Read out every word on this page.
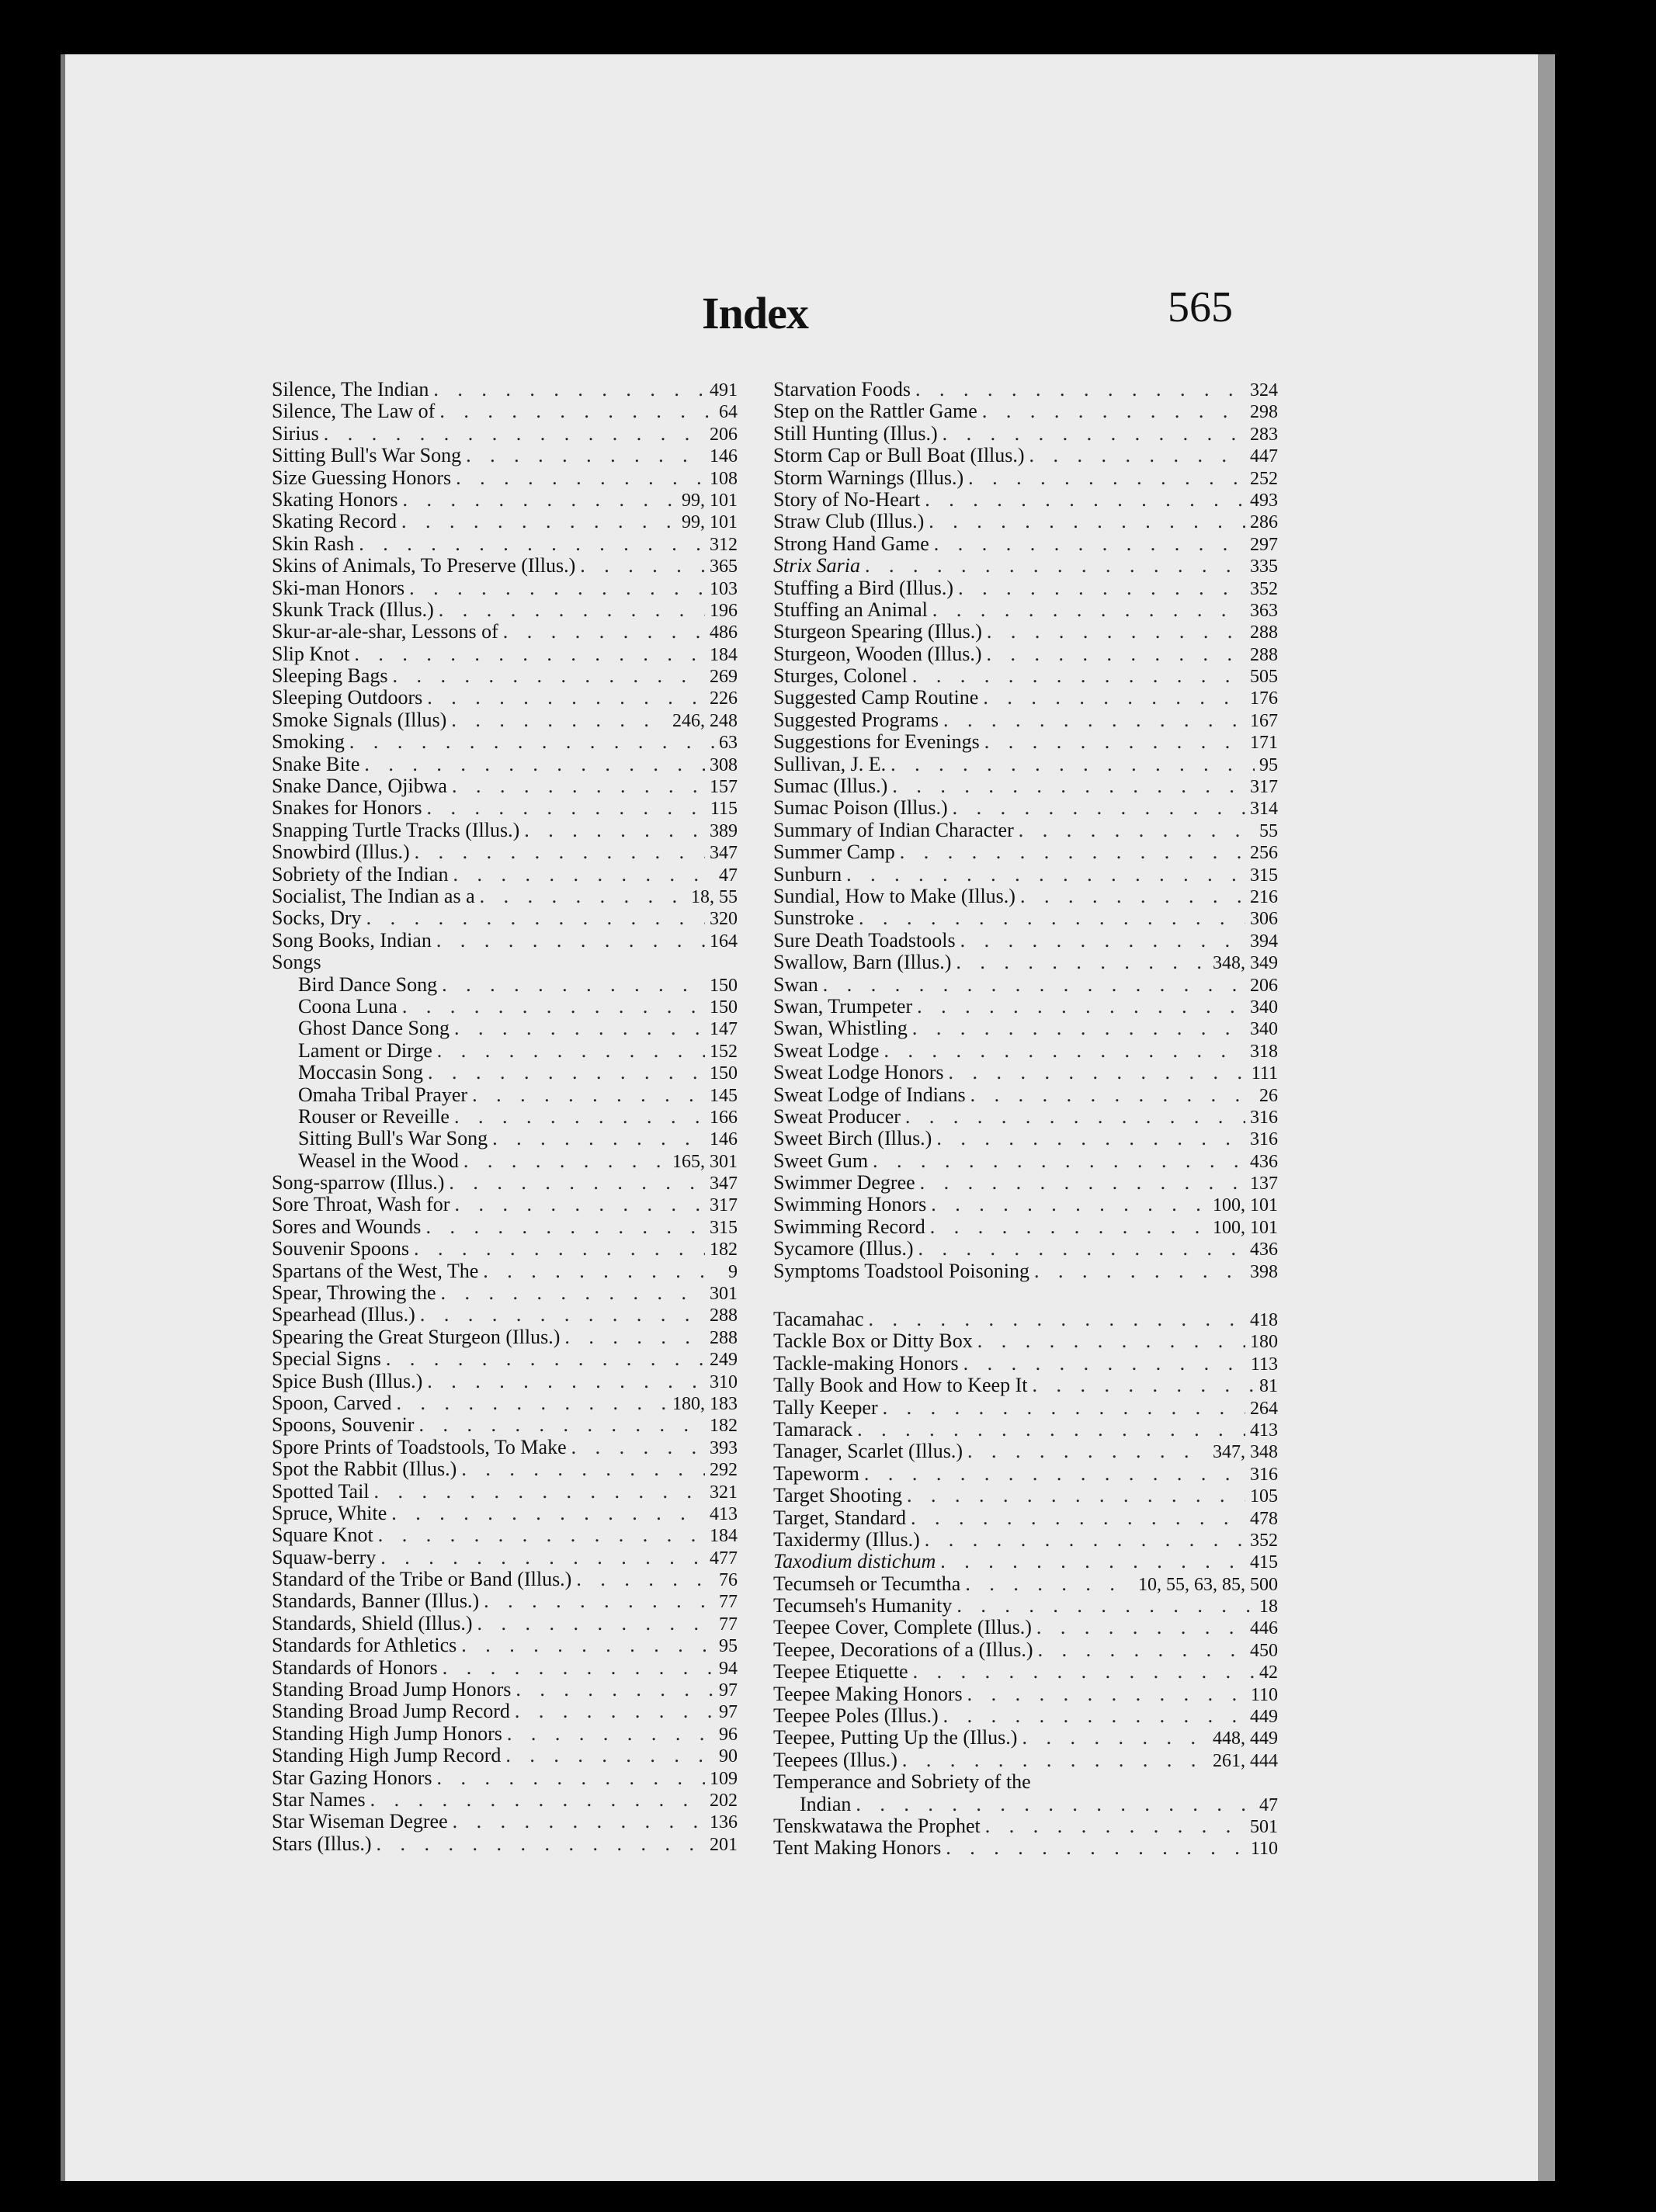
Index	565
Silence, The Indian . . .	491
Silence, The Law of . . .	64
Sirius . . .	206
Sitting Bull's War Song . . .	146
Size Guessing Honors . . .	108
Skating Honors . . .	99, 101
Skating Record . . .	99, 101
Skin Rash . . .	312
Skins of Animals, To Preserve (Illus.) . . .	365
Ski-man Honors . . .	103
Skunk Track (Illus.) . . .	196
Skur-ar-ale-shar, Lessons of . . .	486
Slip Knot . . .	184
Sleeping Bags . . .	269
Sleeping Outdoors . . .	226
Smoke Signals (Illus) . . .	246, 248
Smoking . . .	63
Snake Bite . . .	308
Snake Dance, Ojibwa . . .	157
Snakes for Honors . . .	115
Snapping Turtle Tracks (Illus.) . . .	389
Snowbird (Illus.) . . .	347
Sobriety of the Indian . . .	47
Socialist, The Indian as a . . .	18, 55
Socks, Dry . . .	320
Song Books, Indian . . .	164
Songs
Bird Dance Song . . .	150
Coona Luna . . .	150
Ghost Dance Song . . .	147
Lament or Dirge . . .	152
Moccasin Song . . .	150
Omaha Tribal Prayer . . .	145
Rouser or Reveille . . .	166
Sitting Bull's War Song . . .	146
Weasel in the Wood . . .	165, 301
Song-sparrow (Illus.) . . .	347
Sore Throat, Wash for . . .	317
Sores and Wounds . . .	315
Souvenir Spoons . . .	182
Spartans of the West, The . . .	9
Spear, Throwing the . . .	301
Spearhead (Illus.) . . .	288
Spearing the Great Sturgeon (Illus.) . . .	288
Special Signs . . .	249
Spice Bush (Illus.) . . .	310
Spoon, Carved . . .	180, 183
Spoons, Souvenir . . .	182
Spore Prints of Toadstools, To Make . . .	393
Spot the Rabbit (Illus.) . . .	292
Spotted Tail . . .	321
Spruce, White . . .	413
Square Knot . . .	184
Squaw-berry . . .	477
Standard of the Tribe or Band (Illus.) . . .	76
Standards, Banner (Illus.) . . .	77
Standards, Shield (Illus.) . . .	77
Standards for Athletics . . .	95
Standards of Honors . . .	94
Standing Broad Jump Honors . . .	97
Standing Broad Jump Record . . .	97
Standing High Jump Honors . . .	96
Standing High Jump Record . . .	90
Star Gazing Honors . . .	109
Star Names . . .	202
Star Wiseman Degree . . .	136
Stars (Illus.) . . .	201
Starvation Foods . . .	324
Step on the Rattler Game . . .	298
Still Hunting (Illus.) . . .	283
Storm Cap or Bull Boat (Illus.) . . .	447
Storm Warnings (Illus.) . . .	252
Story of No-Heart . . .	493
Straw Club (Illus.) . . .	286
Strong Hand Game . . .	297
Strix Saria . . .	335
Stuffing a Bird (Illus.) . . .	352
Stuffing an Animal . . .	363
Sturgeon Spearing (Illus.) . . .	288
Sturgeon, Wooden (Illus.) . . .	288
Sturges, Colonel . . .	505
Suggested Camp Routine . . .	176
Suggested Programs . . .	167
Suggestions for Evenings . . .	171
Sullivan, J. E. . . .	95
Sumac (Illus.) . . .	317
Sumac Poison (Illus.) . . .	314
Summary of Indian Character . . .	55
Summer Camp . . .	256
Sunburn . . .	315
Sundial, How to Make (Illus.) . . .	216
Sunstroke . . .	306
Sure Death Toadstools . . .	394
Swallow, Barn (Illus.) . . .	348, 349
Swan . . .	206
Swan, Trumpeter . . .	340
Swan, Whistling . . .	340
Sweat Lodge . . .	318
Sweat Lodge Honors . . .	111
Sweat Lodge of Indians . . .	26
Sweat Producer . . .	316
Sweet Birch (Illus.) . . .	316
Sweet Gum . . .	436
Swimmer Degree . . .	137
Swimming Honors . . .	100, 101
Swimming Record . . .	100, 101
Sycamore (Illus.) . . .	436
Symptoms Toadstool Poisoning . . .	398
Tacamahac . . .	418
Tackle Box or Ditty Box . . .	180
Tackle-making Honors . . .	113
Tally Book and How to Keep It . . .	81
Tally Keeper . . .	264
Tamarack . . .	413
Tanager, Scarlet (Illus.) . . .	347, 348
Tapeworm . . .	316
Target Shooting . . .	105
Target, Standard . . .	478
Taxidermy (Illus.) . . .	352
Taxodium distichum . . .	415
Tecumseh or Tecumtha . . .	10, 55, 63, 85, 500
Tecumseh's Humanity . . .	18
Teepee Cover, Complete (Illus.) . . .	446
Teepee, Decorations of a (Illus.) . . .	450
Teepee Etiquette . . .	42
Teepee Making Honors . . .	110
Teepee Poles (Illus.) . . .	449
Teepee, Putting Up the (Illus.) . . .	448, 449
Teepees (Illus.) . . .	261, 444
Temperance and Sobriety of the
Indian . . .	47
Tenskwatawa the Prophet . . .	501
Tent Making Honors . . .	110
